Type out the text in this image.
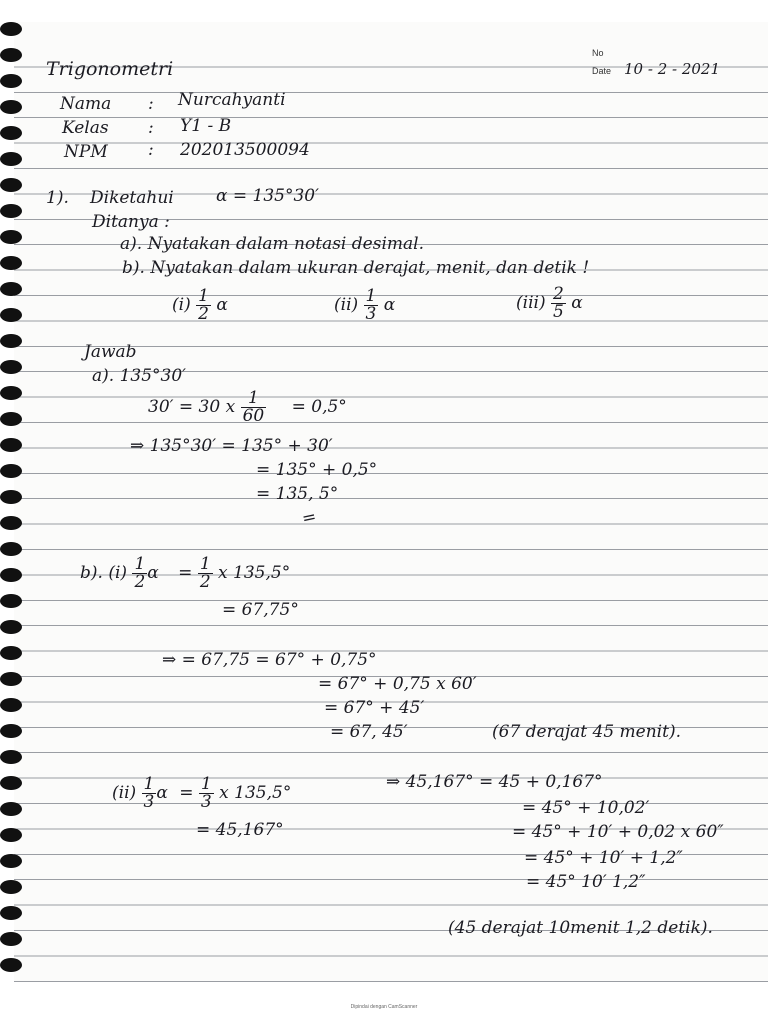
Trigonometri
No
Date 10 - 2 - 2021
Nama : Nurcahyanti
Kelas : Y1 - B
NPM : 202013500094
1). Diketahui α = 135°30′
Ditanya :
a). Nyatakan dalam notasi desimal.
b). Nyatakan dalam ukuran derajat, menit, dan detik !
$(i) \frac{1}{2}$ α	$(ii) \frac{1}{3}$ α	$(iii) \frac{2}{5}$ α
Jawab
a). 135°30′
30′ = 30 x $\frac{1}{60} = 0,5^\circ$
⇒ 135°30′ = 135° + 30′
= 135° + 0,5°
= 135, 5°
=
b). $(i) \frac{1}{2}$ $\alpha = \frac{1}{2}$ x 135,5°
= 67,75°
⇒ = 67,75 = 67° + 0,75°
= 67° + 0,75 x 60′
= 67° + 45′
= 67, 45′	(67 derajat 45 menit).
$(ii) \frac{1}{3}$ $\alpha = \frac{1}{3}$ x 135,5°
= 45,167°
⇒ 45,167° = 45 + 0,167°
= 45° + 10,02′
= 45° + 10′ + 0,02 x 60″
= 45° + 10′ + 1,2″
= 45° 10′ 1,2″
(45 derajat 10menit 1,2 detik).
Dipindai dengan CamScanner
